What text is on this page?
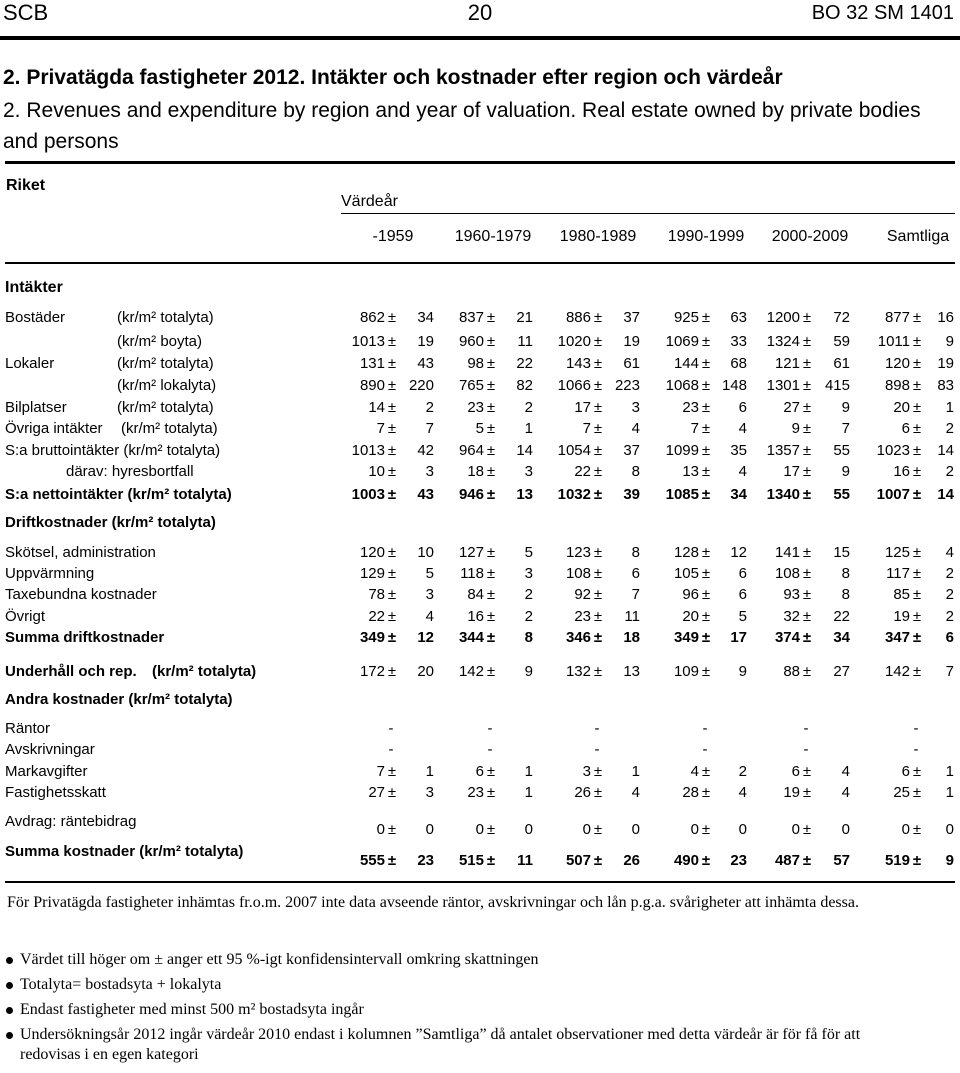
SCB	20	BO 32 SM 1401
2. Privatägda fastigheter 2012. Intäkter och kostnader efter region och värdeår
2. Revenues and expenditure by region and year of valuation. Real estate owned by private bodies and persons
Riket
Värdeår
-1959	1960-1979	1980-1989	1990-1999	2000-2009	Samtliga
Intäkter
Bostäder	(kr/m² totalyta)	862 ±	34	837 ±	21	886 ±	37	925 ±	63	1200 ±	72	877 ±	16
(kr/m² boyta)	1013 ±	19	960 ±	11	1020 ±	19	1069 ±	33	1324 ±	59	1011 ±	9
Lokaler	(kr/m² totalyta)	131 ±	43	98 ±	22	143 ±	61	144 ±	68	121 ±	61	120 ±	19
(kr/m² lokalyta)	890 ± 220	765 ±	82	1066 ± 223	1068 ± 148	1301 ± 415	898 ±	83
Bilplatser	(kr/m² totalyta)	14 ±	2	23 ±	2	17 ±	3	23 ±	6	27 ±	9	20 ±	1
Övriga intäkter (kr/m² totalyta)	7 ±	7	5 ±	1	7 ±	4	7 ±	4	9 ±	7	6 ±	2
S:a bruttointäkter (kr/m² totalyta)	1013 ±	42	964 ±	14	1054 ±	37	1099 ±	35	1357 ±	55	1023 ±	14
därav: hyresbortfall	10 ±	3	18 ±	3	22 ±	8	13 ±	4	17 ±	9	16 ±	2
S:a nettointäkter (kr/m² totalyta)	1003 ±	43	946 ±	13	1032 ±	39	1085 ±	34	1340 ±	55	1007 ±	14
Driftkostnader (kr/m² totalyta)
Skötsel, administration	120 ±	10	127 ±	5	123 ±	8	128 ±	12	141 ±	15	125 ±	4
Uppvärmning	129 ±	5	118 ±	3	108 ±	6	105 ±	6	108 ±	8	117 ±	2
Taxebundna kostnader	78 ±	3	84 ±	2	92 ±	7	96 ±	6	93 ±	8	85 ±	2
Övrigt	22 ±	4	16 ±	2	23 ±	11	20 ±	5	32 ±	22	19 ±	2
Summa driftkostnader	349 ±	12	344 ±	8	346 ±	18	349 ±	17	374 ±	34	347 ±	6
Underhåll och rep. (kr/m² totalyta)	172 ±	20	142 ±	9	132 ±	13	109 ±	9	88 ±	27	142 ±	7
Andra kostnader (kr/m² totalyta)
Räntor	-	-	-	-	-	-
Avskrivningar	-	-	-	-	-	-
Markavgifter	7 ±	1	6 ±	1	3 ±	1	4 ±	2	6 ±	4	6 ±	1
Fastighetsskatt	27 ±	3	23 ±	1	26 ±	4	28 ±	4	19 ±	4	25 ±	1
Avdrag: räntebidrag	0 ±	0	0 ±	0	0 ±	0	0 ±	0	0 ±	0	0 ±	0
Summa kostnader (kr/m² totalyta)
555 ±	23	515 ±	11	507 ±	26	490 ±	23	487 ±	57	519 ±	9
För Privatägda fastigheter inhämtas fr.o.m. 2007 inte data avseende räntor, avskrivningar och lån p.g.a. svårigheter att inhämta dessa.
Värdet till höger om ± anger ett 95 %-igt konfidensintervall omkring skattningen
Totalyta= bostadsyta + lokalyta
Endast fastigheter med minst 500 m² bostadsyta ingår
Undersökningsår 2012 ingår värdeår 2010 endast i kolumnen ”Samtliga” då antalet observationer med detta värdeår är för få för att redovisas i en egen kategori
